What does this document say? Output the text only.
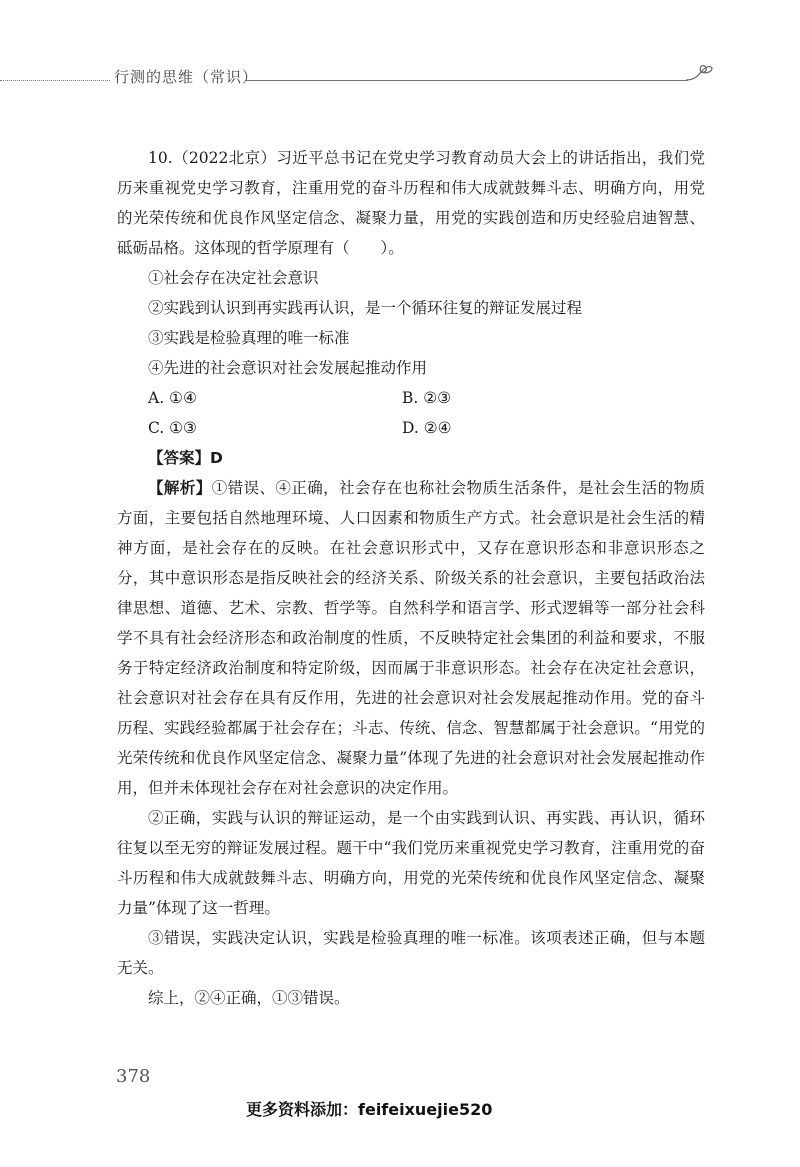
行测的思维（常识）

10.（2022北京）习近平总书记在党史学习教育动员大会上的讲话指出，我们党历来重视党史学习教育，注重用党的奋斗历程和伟大成就鼓舞斗志、明确方向，用党的光荣传统和优良作风坚定信念、凝聚力量，用党的实践创造和历史经验启迪智慧、砥砺品格。这体现的哲学原理有（　　）。

①社会存在决定社会意识

②实践到认识到再实践再认识，是一个循环往复的辩证发展过程

③实践是检验真理的唯一标准

④先进的社会意识对社会发展起推动作用

A. ①④	B. ②③
C. ①③	D. ②④

【答案】D

【解析】①错误、④正确，社会存在也称社会物质生活条件，是社会生活的物质方面，主要包括自然地理环境、人口因素和物质生产方式。社会意识是社会生活的精神方面，是社会存在的反映。在社会意识形式中，又存在意识形态和非意识形态之分，其中意识形态是指反映社会的经济关系、阶级关系的社会意识，主要包括政治法律思想、道德、艺术、宗教、哲学等。自然科学和语言学、形式逻辑等一部分社会科学不具有社会经济形态和政治制度的性质，不反映特定社会集团的利益和要求，不服务于特定经济政治制度和特定阶级，因而属于非意识形态。社会存在决定社会意识，社会意识对社会存在具有反作用，先进的社会意识对社会发展起推动作用。党的奋斗历程、实践经验都属于社会存在；斗志、传统、信念、智慧都属于社会意识。“用党的光荣传统和优良作风坚定信念、凝聚力量”体现了先进的社会意识对社会发展起推动作用，但并未体现社会存在对社会意识的决定作用。

②正确，实践与认识的辩证运动，是一个由实践到认识、再实践、再认识，循环往复以至无穷的辩证发展过程。题干中“我们党历来重视党史学习教育，注重用党的奋斗历程和伟大成就鼓舞斗志、明确方向，用党的光荣传统和优良作风坚定信念、凝聚力量”体现了这一哲理。

③错误，实践决定认识，实践是检验真理的唯一标准。该项表述正确，但与本题无关。

综上，②④正确，①③错误。

378
更多资料添加：feifeixuejie520
